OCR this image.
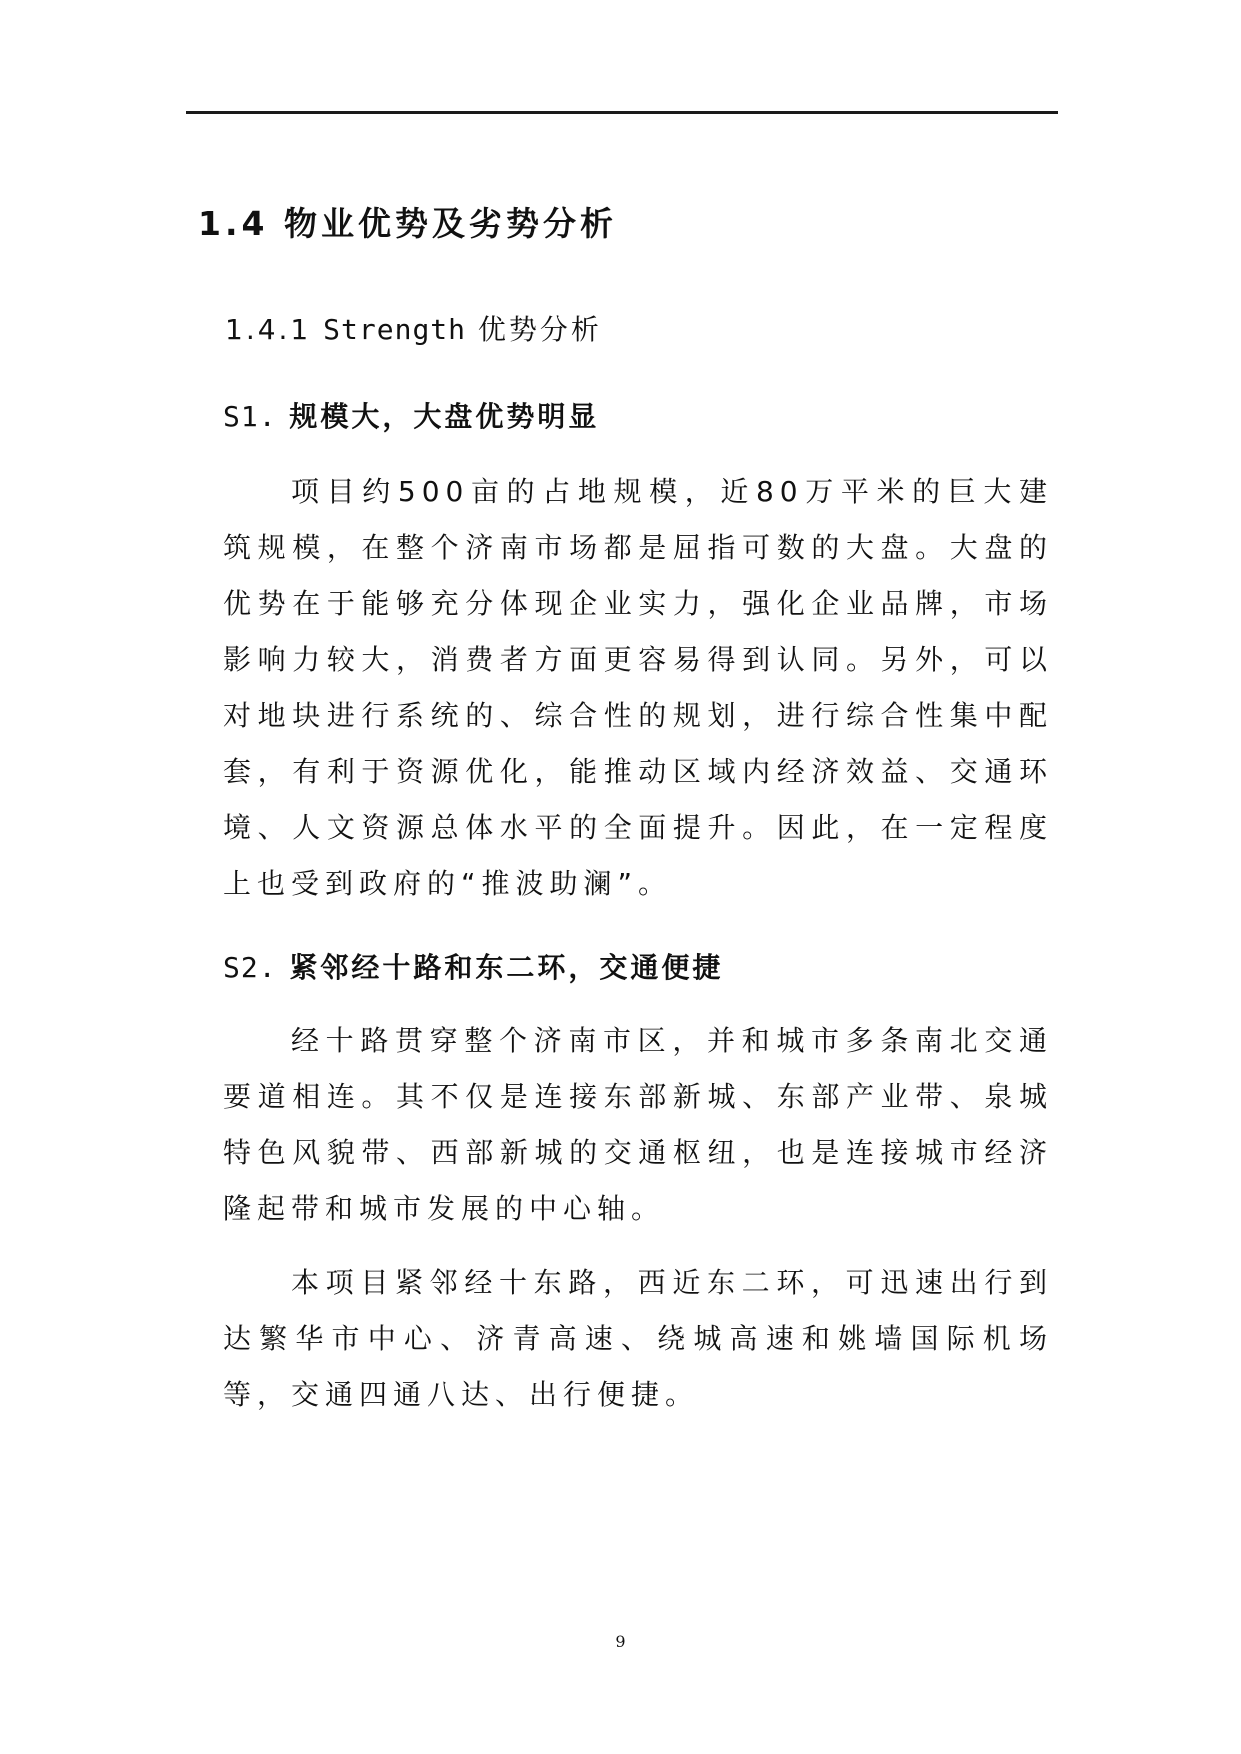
1.4 物业优势及劣势分析
1.4.1 Strength 优势分析
S1. 规模大，大盘优势明显

项目约500亩的占地规模，近80万平米的巨大建筑规模，在整个济南市场都是屈指可数的大盘。大盘的优势在于能够充分体现企业实力，强化企业品牌，市场影响力较大，消费者方面更容易得到认同。另外，可以对地块进行系统的、综合性的规划，进行综合性集中配套，有利于资源优化，能推动区域内经济效益、交通环境、人文资源总体水平的全面提升。因此，在一定程度上也受到政府的“推波助澜”。

S2. 紧邻经十路和东二环，交通便捷

经十路贯穿整个济南市区，并和城市多条南北交通要道相连。其不仅是连接东部新城、东部产业带、泉城特色风貌带、西部新城的交通枢纽，也是连接城市经济隆起带和城市发展的中心轴。

本项目紧邻经十东路，西近东二环，可迅速出行到达繁华市中心、济青高速、绕城高速和姚墙国际机场等，交通四通八达、出行便捷。

9
